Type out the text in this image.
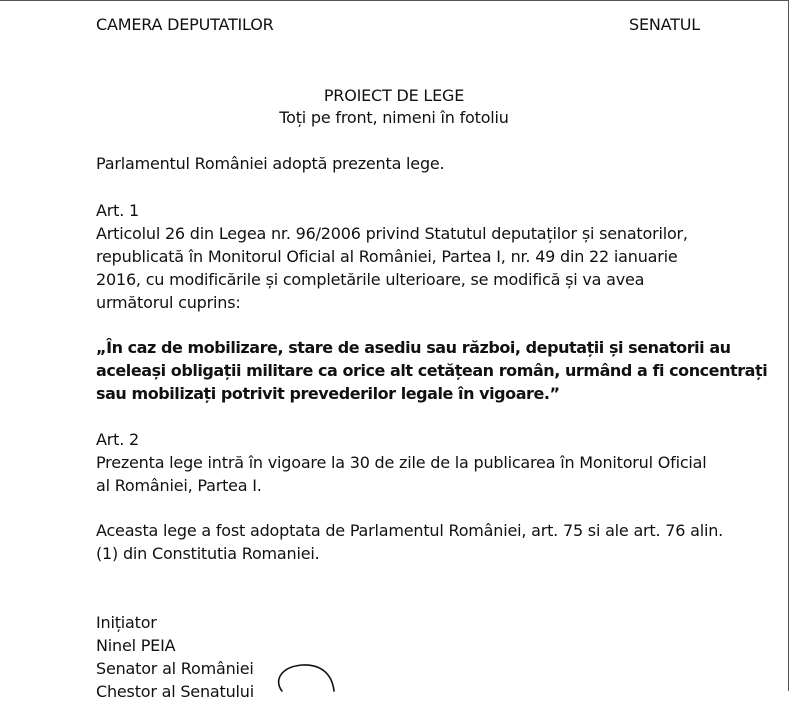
CAMERA DEPUTATILOR	SENATUL
PROIECT DE LEGE
Toți pe front, nimeni în fotoliu
Parlamentul României adoptă prezenta lege.
Art. 1
Articolul 26 din Legea nr. 96/2006 privind Statutul deputaților și senatorilor,
republicată în Monitorul Oficial al României, Partea I, nr. 49 din 22 ianuarie
2016, cu modificările și completările ulterioare, se modifică și va avea
următorul cuprins:
„În caz de mobilizare, stare de asediu sau război, deputații și senatorii au
aceleași obligații militare ca orice alt cetățean român, urmând a fi concentrați
sau mobilizați potrivit prevederilor legale în vigoare.”
Art. 2
Prezenta lege intră în vigoare la 30 de zile de la publicarea în Monitorul Oficial
al României, Partea I.
Aceasta lege a fost adoptata de Parlamentul României, art. 75 si ale art. 76 alin.
(1) din Constitutia Romaniei.
Inițiator
Ninel PEIA
Senator al României
Chestor al Senatului
